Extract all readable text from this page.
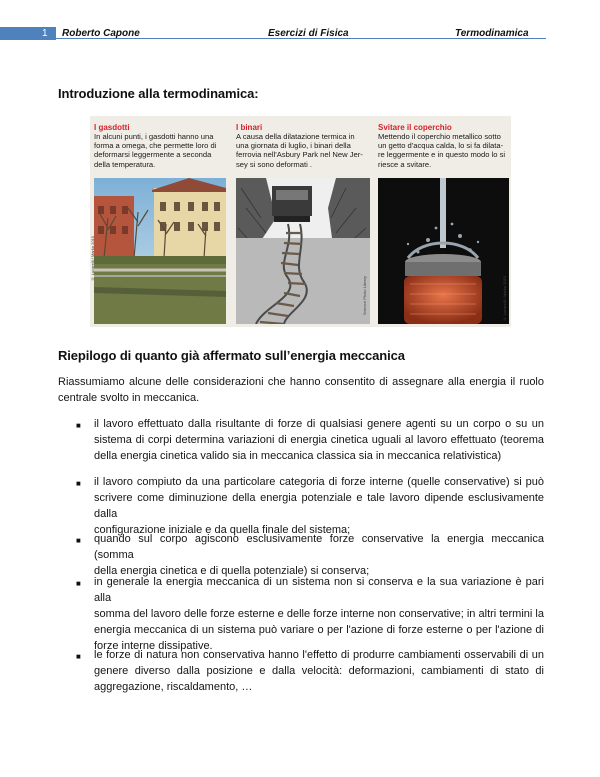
1 Roberto Capone	Esercizi di Fisica	Termodinamica
Introduzione alla termodinamica:
I gasdotti
In alcuni punti, i gasdotti hanno una
forma a omega, che permette loro di
deformarsi leggermente a seconda
della temperatura.
© Lucarelli / Marka 2015
I binari
A causa della dilatazione termica in
una giornata di luglio, i binari della
ferrovia nell'Asbury Park nel New Jer-
sey si sono deformati .
Science Photo Library
Svitare il coperchio
Mettendo il coperchio metallico sotto
un getto d'acqua calda, lo si fa dilata-
re leggermente e in questo modo lo si
riesce a svitare.
© Lucarelli / Marka 2015
Riepilogo di quanto già affermato sull’energia meccanica
Riassumiamo alcune delle considerazioni che hanno consentito di assegnare alla energia il ruolo
centrale svolto in meccanica.
■ il lavoro effettuato dalla risultante di forze di qualsiasi genere agenti su un corpo o su un
sistema di corpi determina variazioni di energia cinetica uguali al lavoro effettuato (teorema
della energia cinetica valido sia in meccanica classica sia in meccanica relativistica)
■ il lavoro compiuto da una particolare categoria di forze interne (quelle conservative) si può
scrivere come diminuzione della energia potenziale e tale lavoro dipende esclusivamente dalla
configurazione iniziale e da quella finale del sistema;
■ quando sul corpo agiscono esclusivamente forze conservative la energia meccanica (somma
della energia cinetica e di quella potenziale) si conserva;
■ in generale la energia meccanica di un sistema non si conserva e la sua variazione è pari alla
somma del lavoro delle forze esterne e delle forze interne non conservative; in altri termini la
energia meccanica di un sistema può variare o per l'azione di forze esterne o per l'azione di
forze interne dissipative.
■ le forze di natura non conservativa hanno l'effetto di produrre cambiamenti osservabili di un
genere diverso dalla posizione e dalla velocità: deformazioni, cambiamenti di stato di
aggregazione, riscaldamento, …
